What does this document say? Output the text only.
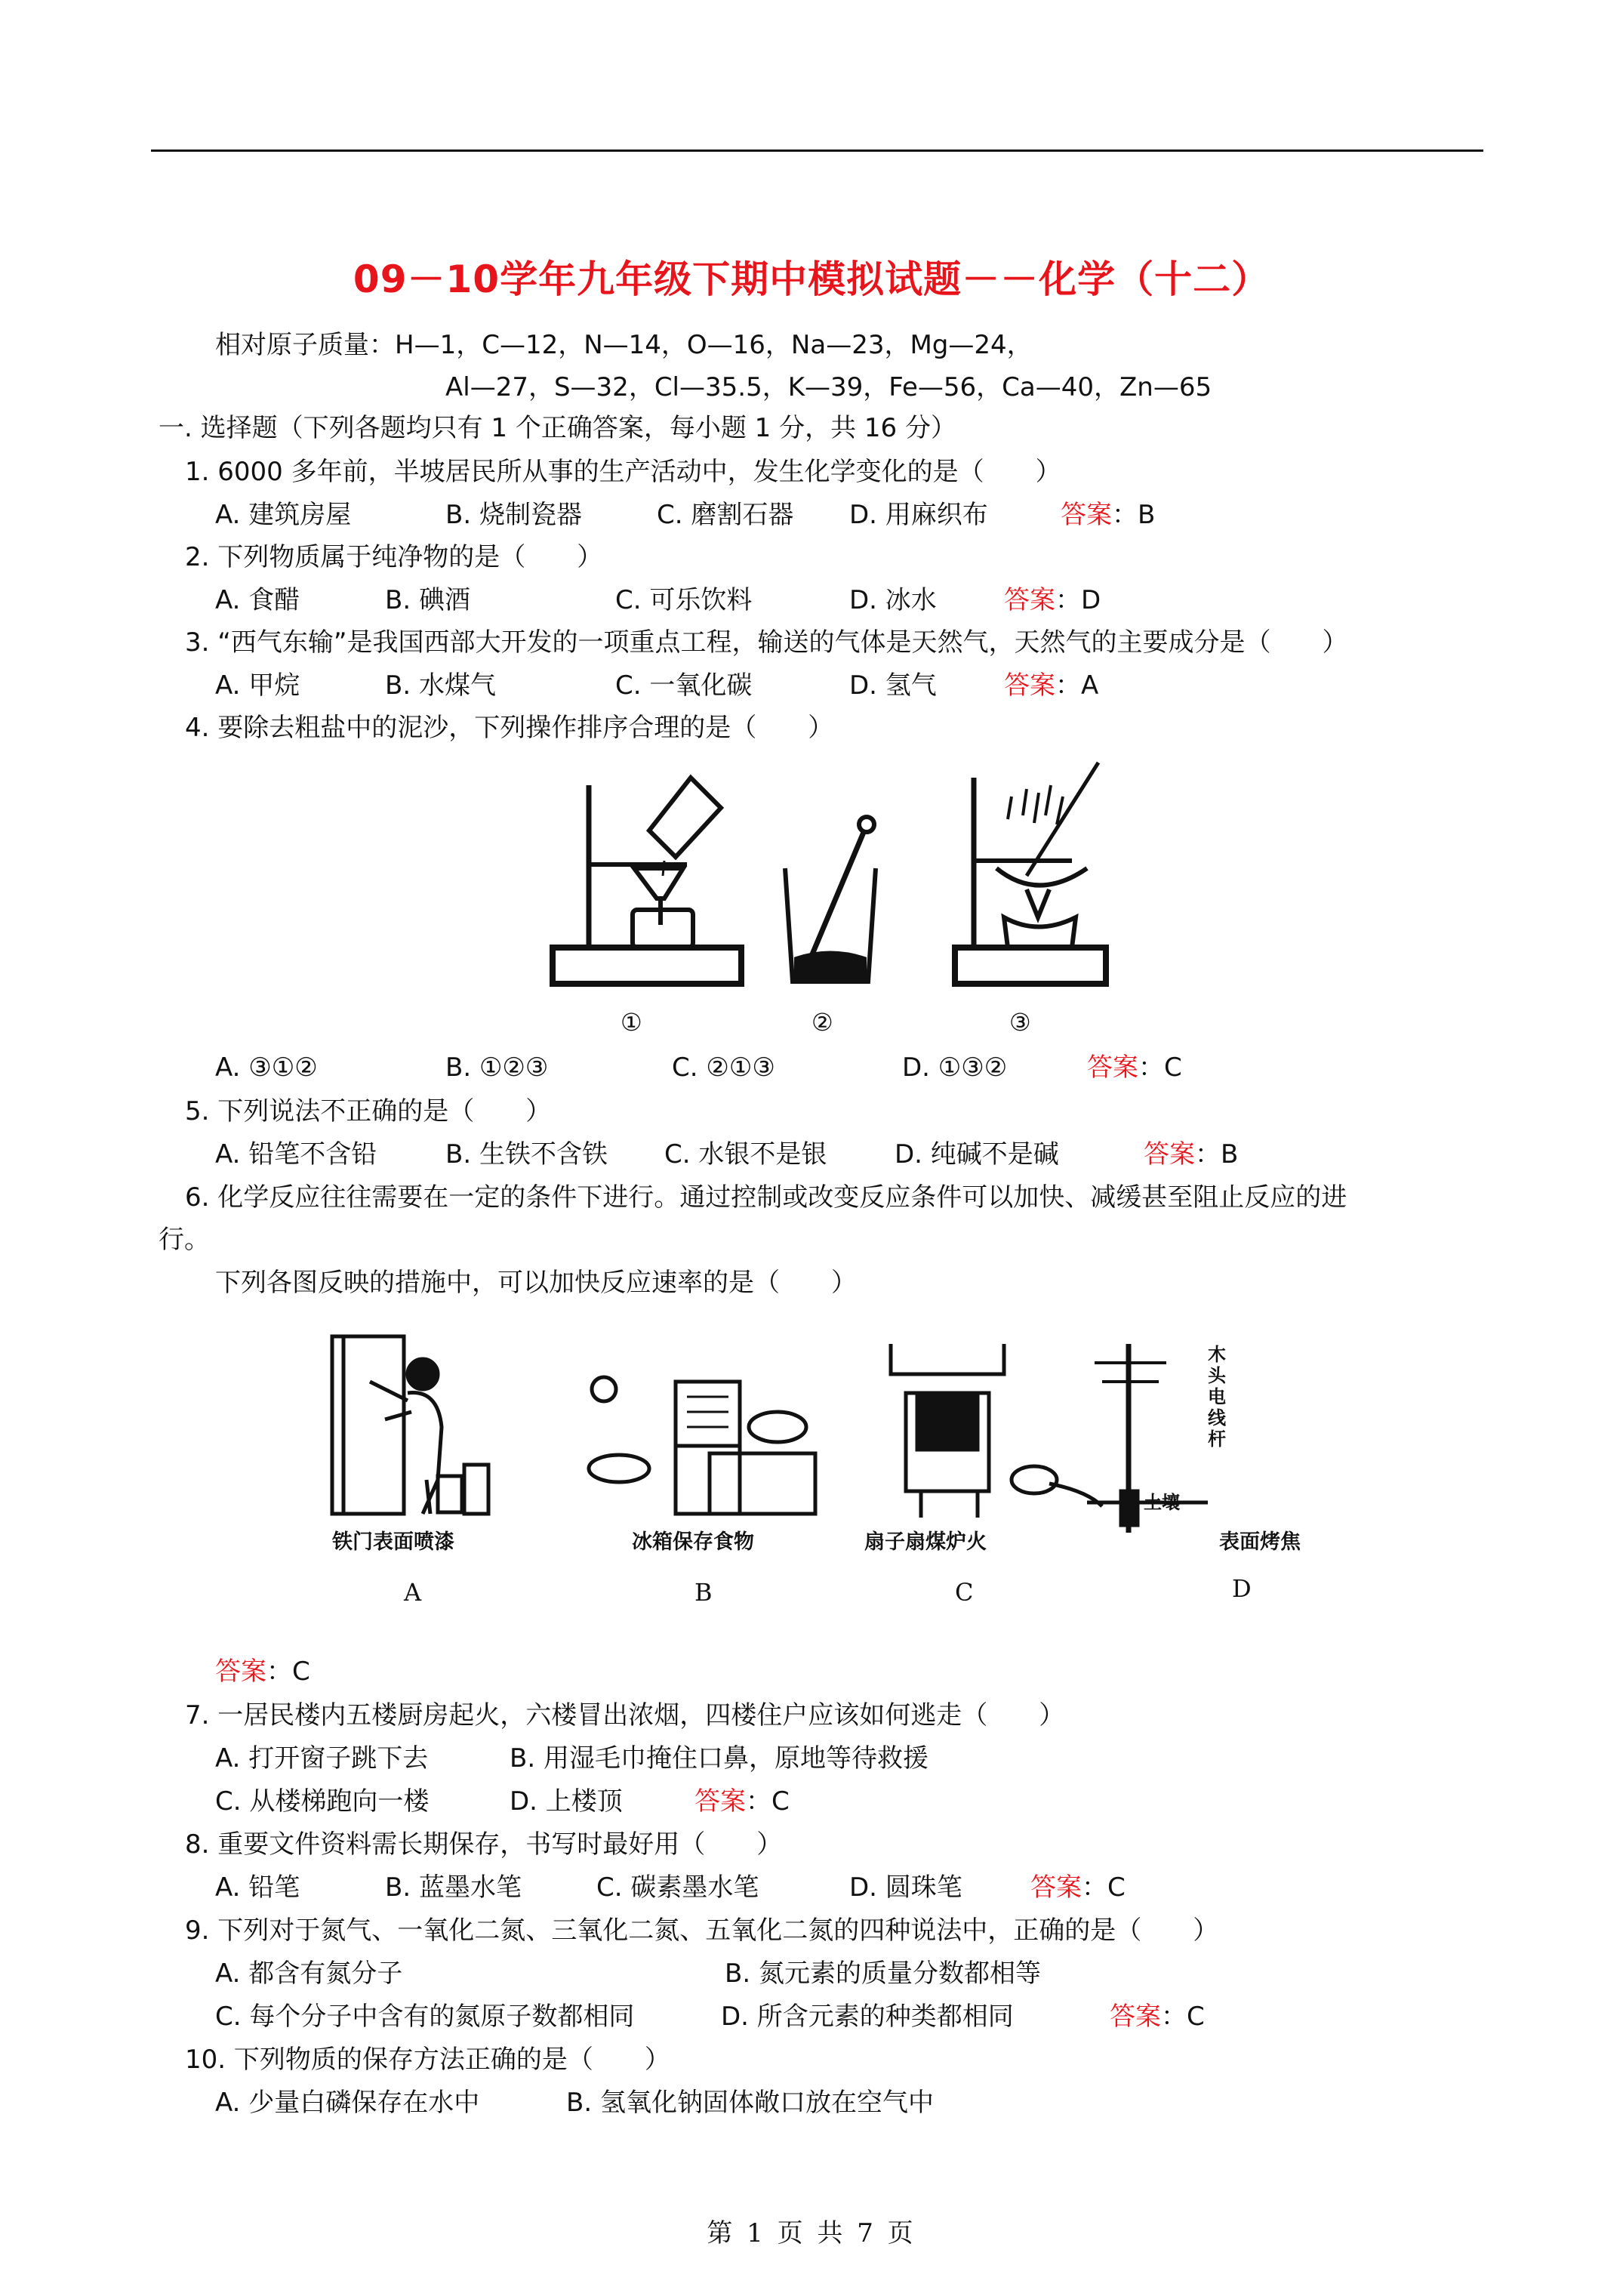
09－10学年九年级下期中模拟试题－－化学（十二）
相对原子质量：H—1，C—12，N—14，O—16，Na—23，Mg—24，
Al—27，S—32，Cl—35.5，K—39，Fe—56，Ca—40，Zn—65
一. 选择题（下列各题均只有 1 个正确答案，每小题 1 分，共 16 分）
1. 6000 多年前，半坡居民所从事的生产活动中，发生化学变化的是（　　）
A. 建筑房屋	B. 烧制瓷器	C. 磨割石器 D. 用麻织布	答案：B
2. 下列物质属于纯净物的是（　　）
A. 食醋	B. 碘酒	C. 可乐饮料	D. 冰水	答案：D
3. “西气东输”是我国西部大开发的一项重点工程，输送的气体是天然气，天然气的主要成分是（　　）
A. 甲烷	B. 水煤气	C. 一氧化碳	D. 氢气	答案：A
4. 要除去粗盐中的泥沙，下列操作排序合理的是（　　）
①	②	③
A. ③①②	B. ①②③	C. ②①③	D. ①③②	答案：C
5. 下列说法不正确的是（　　）
A. 铅笔不含铅	B. 生铁不含铁 C. 水银不是银	D. 纯碱不是碱	答案：B
6. 化学反应往往需要在一定的条件下进行。通过控制或改变反应条件可以加快、减缓甚至阻止反应的进
行。
下列各图反映的措施中，可以加快反应速率的是（　　）
铁门表面喷漆	冰箱保存食物	扇子扇煤炉火	表面烤焦
土壤
木
头
电
线
杆
A	B	C	D
答案：C
7. 一居民楼内五楼厨房起火，六楼冒出浓烟，四楼住户应该如何逃走（　　）
A. 打开窗子跳下去	B. 用湿毛巾掩住口鼻，原地等待救援
C. 从楼梯跑向一楼	D. 上楼顶	答案：C
8. 重要文件资料需长期保存，书写时最好用（　　）
A. 铅笔	B. 蓝墨水笔	C. 碳素墨水笔	D. 圆珠笔	答案：C
9. 下列对于氮气、一氧化二氮、三氧化二氮、五氧化二氮的四种说法中，正确的是（　　）
A. 都含有氮分子	B. 氮元素的质量分数都相等
C. 每个分子中含有的氮原子数都相同	D. 所含元素的种类都相同	答案：C
10. 下列物质的保存方法正确的是（　　）
A. 少量白磷保存在水中	B. 氢氧化钠固体敞口放在空气中
第 1 页 共 7 页
